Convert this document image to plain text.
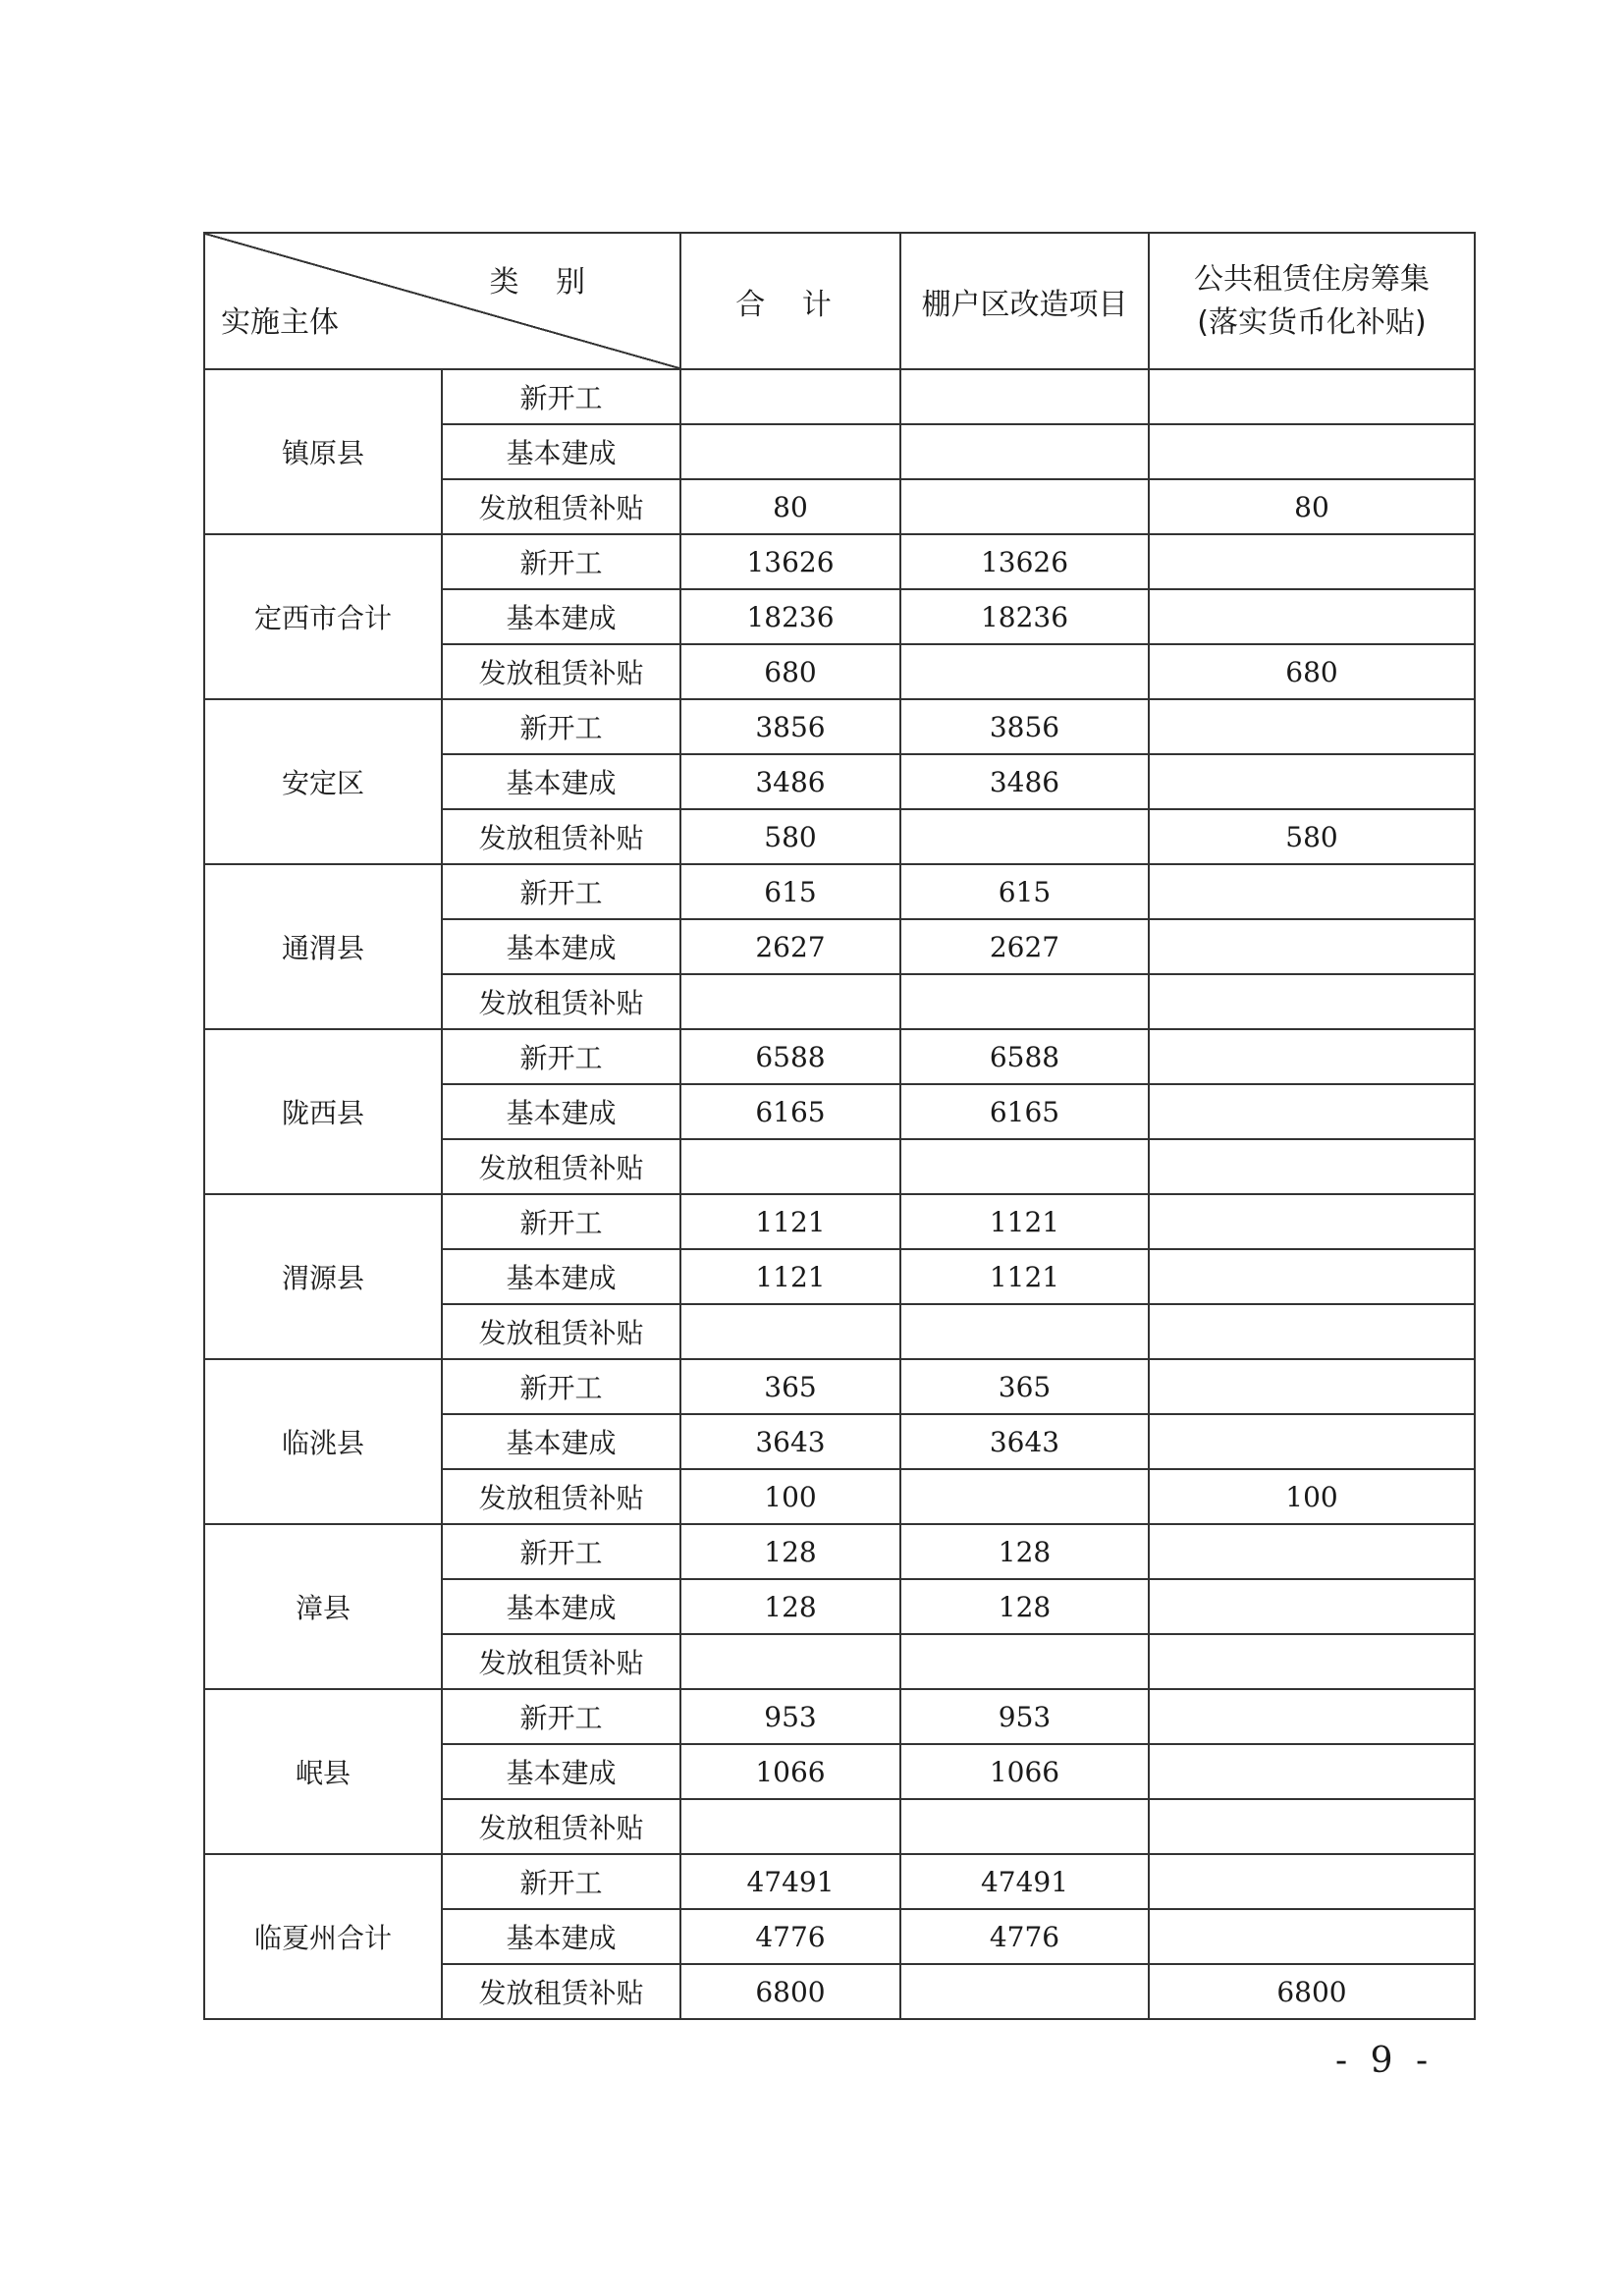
类 别
实施主体		合 计	棚户区改造项目	公共租赁住房筹集
(落实货币化补贴)
镇原县	新开工			
	基本建成			
	发放租赁补贴	80		80
定西市合计	新开工	13626	13626	
	基本建成	18236	18236	
	发放租赁补贴	680		680
安定区	新开工	3856	3856	
	基本建成	3486	3486	
	发放租赁补贴	580		580
通渭县	新开工	615	615	
	基本建成	2627	2627	
	发放租赁补贴			
陇西县	新开工	6588	6588	
	基本建成	6165	6165	
	发放租赁补贴			
渭源县	新开工	1121	1121	
	基本建成	1121	1121	
	发放租赁补贴			
临洮县	新开工	365	365	
	基本建成	3643	3643	
	发放租赁补贴	100		100
漳县	新开工	128	128	
	基本建成	128	128	
	发放租赁补贴			
岷县	新开工	953	953	
	基本建成	1066	1066	
	发放租赁补贴			
临夏州合计	新开工	47491	47491	
	基本建成	4776	4776	
	发放租赁补贴	6800		6800
- 9 -
